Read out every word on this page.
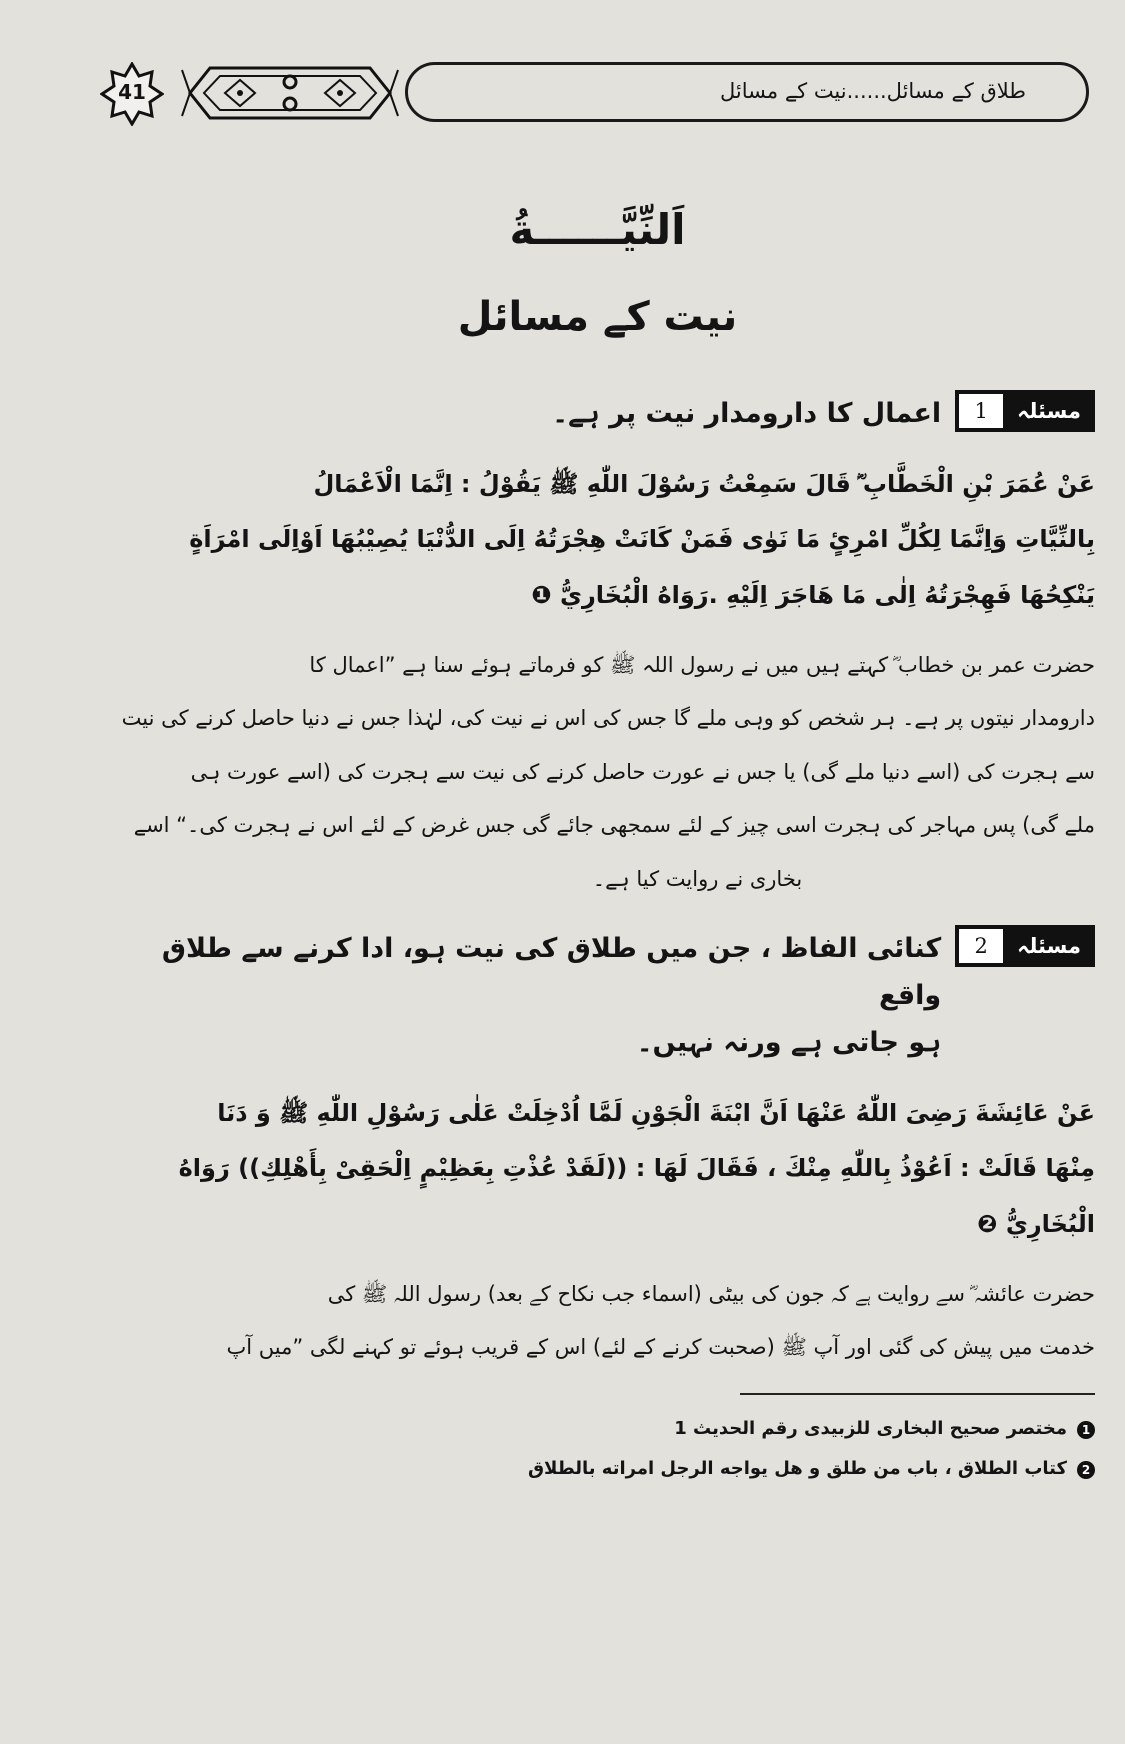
41	طلاق کے مسائل......نیت کے مسائل
اَلنِّيَّــــــةُ
نیت کے مسائل
مسئلہ
1
اعمال کا دارومدار نیت پر ہے۔
عَنْ عُمَرَ بْنِ الْخَطَّابِ ؓ قَالَ سَمِعْتُ رَسُوْلَ اللّٰهِ ﷺ يَقُوْلُ : اِنَّمَا الْاَعْمَالُ
بِالنِّيَّاتِ وَاِنَّمَا لِكُلِّ امْرِئٍ مَا نَوٰى فَمَنْ كَانَتْ هِجْرَتُهُ اِلَى الدُّنْيَا يُصِيْبُهَا اَوْاِلَى امْرَاَةٍ
يَنْكِحُهَا فَهِجْرَتُهُ اِلٰى مَا هَاجَرَ اِلَيْهِ .رَوَاهُ الْبُخَارِيُّ ❶
حضرت عمر بن خطاب ؓ کہتے ہیں میں نے رسول اللہ ﷺ کو فرماتے ہوئے سنا ہے ”اعمال کا
دارومدار نیتوں پر ہے۔ ہر شخص کو وہی ملے گا جس کی اس نے نیت کی، لہٰذا جس نے دنیا حاصل کرنے کی نیت
سے ہجرت کی (اسے دنیا ملے گی) یا جس نے عورت حاصل کرنے کی نیت سے ہجرت کی (اسے عورت ہی
ملے گی) پس مہاجر کی ہجرت اسی چیز کے لئے سمجھی جائے گی جس غرض کے لئے اس نے ہجرت کی۔“ اسے
بخاری نے روایت کیا ہے۔
مسئلہ
2
کنائی الفاظ ، جن میں طلاق کی نیت ہو، ادا کرنے سے طلاق واقع
ہو جاتی ہے ورنہ نہیں۔
عَنْ عَائِشَةَ رَضِىَ اللّٰهُ عَنْهَا اَنَّ ابْنَةَ الْجَوْنِ لَمَّا اُدْخِلَتْ عَلٰى رَسُوْلِ اللّٰهِ ﷺ وَ دَنَا
مِنْهَا قَالَتْ : اَعُوْذُ بِاللّٰهِ مِنْكَ ، فَقَالَ لَهَا : ((لَقَدْ عُذْتِ بِعَظِيْمٍ اِلْحَقِىْ بِأَهْلِكِ)) رَوَاهُ
الْبُخَارِيُّ ❷
حضرت عائشہ ؓ سے روایت ہے کہ جون کی بیٹی (اسماء جب نکاح کے بعد) رسول اللہ ﷺ کی
خدمت میں پیش کی گئی اور آپ ﷺ (صحبت کرنے کے لئے) اس کے قریب ہوئے تو کہنے لگی ”میں آپ
1مختصر صحیح البخاری للزبیدی رقم الحدیث 1
2کتاب الطلاق ، باب من طلق و هل یواجه الرجل امراته بالطلاق
